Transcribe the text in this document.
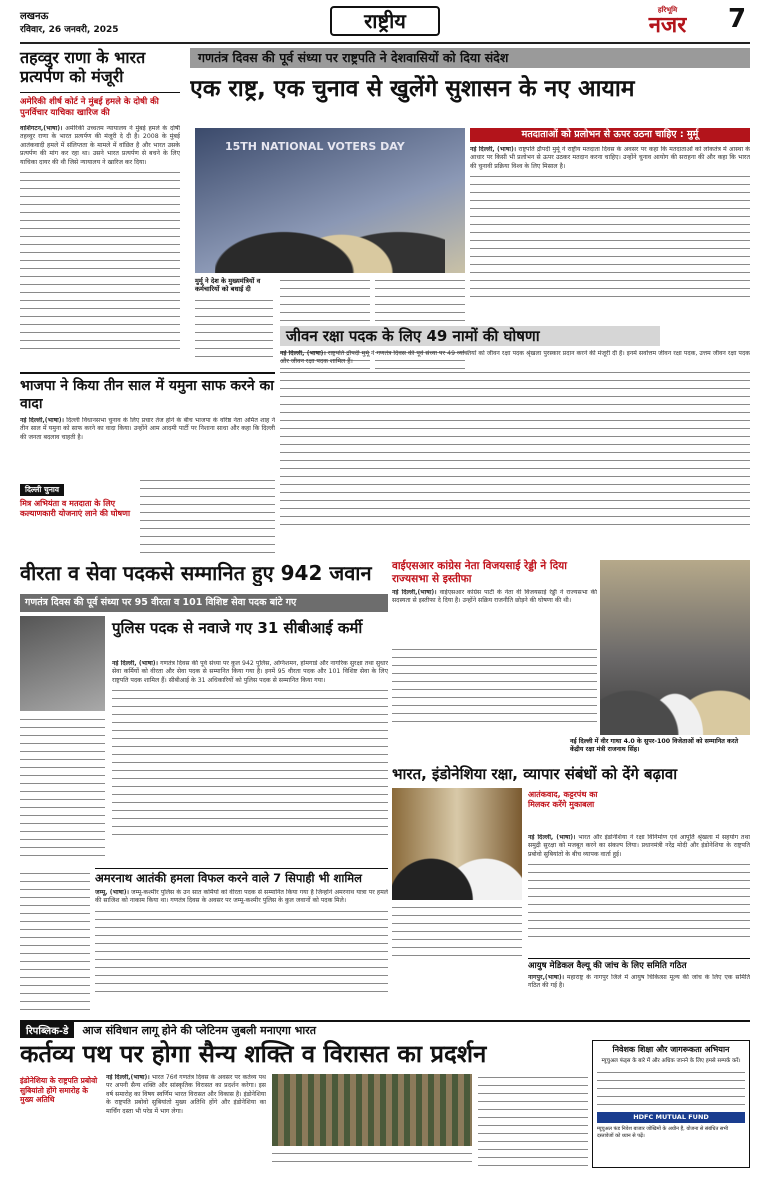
लखनऊ
रविवार, 26 जनवरी, 2025	राष्ट्रीय	हरिभूमि
नजर	7
तहव्वुर राणा के भारत प्रत्यर्पण को मंजूरी
अमेरिकी शीर्ष कोर्ट ने मुंबई हमले के दोषी की पुनर्विचार याचिका खारिज की
वाशिंगटन,(भाषा)। अमेरिकी उच्चतम न्यायालय ने मुंबई हमले के दोषी तहव्वुर राणा के भारत प्रत्यर्पण की मंजूरी दे दी है। 2008 के मुंबई आतंकवादी हमले में संलिप्तता के मामले में वांछित है और भारत उसके प्रत्यर्पण की मांग कर रहा था। उसने भारत प्रत्यर्पण से बचने के लिए याचिका दायर की थी जिसे न्यायालय ने खारिज कर दिया।
गणतंत्र दिवस की पूर्व संध्या पर राष्ट्रपति ने देशवासियों को दिया संदेश
एक राष्ट्र, एक चुनाव से खुलेंगे सुशासन के नए आयाम
15TH NATIONAL VOTERS DAY
मुर्मू ने देश के मुख्यमंत्रियों व कर्मचारियों को बधाई दी
मतदाताओं को प्रलोभन से ऊपर उठना चाहिए : मुर्मू
नई दिल्ली, (भाषा)। राष्ट्रपति द्रौपदी मुर्मू ने राष्ट्रीय मतदाता दिवस के अवसर पर कहा कि मतदाताओं को लोकतंत्र में आस्था के आधार पर किसी भी प्रलोभन से ऊपर उठकर मतदान करना चाहिए। उन्होंने चुनाव आयोग की सराहना की और कहा कि भारत की चुनावी प्रक्रिया विश्व के लिए मिसाल है।
जीवन रक्षा पदक के लिए 49 नामों की घोषणा
नई दिल्ली, (भाषा)। राष्ट्रपति द्रौपदी मुर्मू ने गणतंत्र दिवस की पूर्व संध्या पर 49 व्यक्तियों को जीवन रक्षा पदक श्रृंखला पुरस्कार प्रदान करने की मंजूरी दी है। इनमें सर्वोत्तम जीवन रक्षा पदक, उत्तम जीवन रक्षा पदक और जीवन रक्षा पदक शामिल हैं।
भाजपा ने किया तीन साल में यमुना साफ करने का वादा
नई दिल्ली,(भाषा)। दिल्ली विधानसभा चुनाव के लिए प्रचार तेज होने के बीच भाजपा के वरिष्ठ नेता अमित शाह ने तीन साल में यमुना को साफ करने का वादा किया। उन्होंने आम आदमी पार्टी पर निशाना साधा और कहा कि दिल्ली की जनता बदलाव चाहती है।
दिल्ली चुनाव
मित्र अभियंता व मतदाता के लिए कल्याणकारी योजनाएं लाने की घोषणा
वीरता व सेवा पदकसे सम्मानित हुए 942 जवान
गणतंत्र दिवस की पूर्व संध्या पर 95 वीरता व 101 विशिष्ट सेवा पदक बांटे गए
वाईएसआर कांग्रेस नेता विजयसाई रेड्डी ने दिया राज्यसभा से इस्तीफा
नई दिल्ली,(भाषा)। वाईएसआर कांग्रेस पार्टी के नेता वी विजयसाई रेड्डी ने राज्यसभा की सदस्यता से इस्तीफा दे दिया है। उन्होंने सक्रिय राजनीति छोड़ने की घोषणा की थी।
नई दिल्ली में वीर गाथा 4.0 के सुपर-100 विजेताओं को सम्मानित करते केंद्रीय रक्षा मंत्री राजनाथ सिंह।
पुलिस पदक से नवाजे गए 31 सीबीआई कर्मी
नई दिल्ली, (भाषा)। गणतंत्र दिवस की पूर्व संध्या पर कुल 942 पुलिस, अग्निशमन, होमगार्ड और नागरिक सुरक्षा तथा सुधार सेवा कर्मियों को वीरता और सेवा पदक से सम्मानित किया गया है। इनमें 95 वीरता पदक और 101 विशिष्ट सेवा के लिए राष्ट्रपति पदक शामिल हैं। सीबीआई के 31 अधिकारियों को पुलिस पदक से सम्मानित किया गया।
अमरनाथ आतंकी हमला विफल करने वाले 7 सिपाही भी शामिल
जम्मू, (भाषा)। जम्मू-कश्मीर पुलिस के उन सात कर्मियों को वीरता पदक से सम्मानित किया गया है जिन्होंने अमरनाथ यात्रा पर हमले की साजिश को नाकाम किया था। गणतंत्र दिवस के अवसर पर जम्मू-कश्मीर पुलिस के कुल जवानों को पदक मिले।
भारत, इंडोनेशिया रक्षा, व्यापार संबंधों को देंगे बढ़ावा
आतंकवाद, कट्टरपंथ का मिलकर करेंगे मुकाबला
नई दिल्ली, (भाषा)। भारत और इंडोनेशिया ने रक्षा विनिर्माण एवं आपूर्ति श्रृंखला में सहयोग तथा समुद्री सुरक्षा को मजबूत करने का संकल्प लिया। प्रधानमंत्री नरेंद्र मोदी और इंडोनेशिया के राष्ट्रपति प्रबोवो सुबियांतो के बीच व्यापक वार्ता हुई।
आयुष मेडिकल वैल्यू की जांच के लिए समिति गठित
नागपुर,(भाषा)। महाराष्ट्र के नागपुर जिले में आयुष चिकित्सा मूल्य की जांच के लिए एक समिति गठित की गई है।
रिपब्लिक-डे	आज संविधान लागू होने की प्लेटिनम जुबली मनाएगा भारत
कर्तव्य पथ पर होगा सैन्य शक्ति व विरासत का प्रदर्शन
इंडोनेशिया के राष्ट्रपति प्रबोवो सुबियांतो होंगे समारोह के मुख्य अतिथि
नई दिल्ली,(भाषा)। भारत 76वें गणतंत्र दिवस के अवसर पर कर्तव्य पथ पर अपनी सैन्य शक्ति और सांस्कृतिक विरासत का प्रदर्शन करेगा। इस वर्ष समारोह का विषय स्वर्णिम भारत विरासत और विकास है। इंडोनेशिया के राष्ट्रपति प्रबोवो सुबियांतो मुख्य अतिथि होंगे और इंडोनेशिया का मार्चिंग दस्ता भी परेड में भाग लेगा।
निवेशक शिक्षा और जागरूकता अभियान
म्यूचुअल फंड्स के बारे में और अधिक जानने के लिए हमसे सम्पर्क करें।
HDFC MUTUAL FUND
म्यूचुअल फंड निवेश बाजार जोखिमों के अधीन हैं, योजना से संबंधित सभी दस्तावेजों को ध्यान से पढ़ें।
